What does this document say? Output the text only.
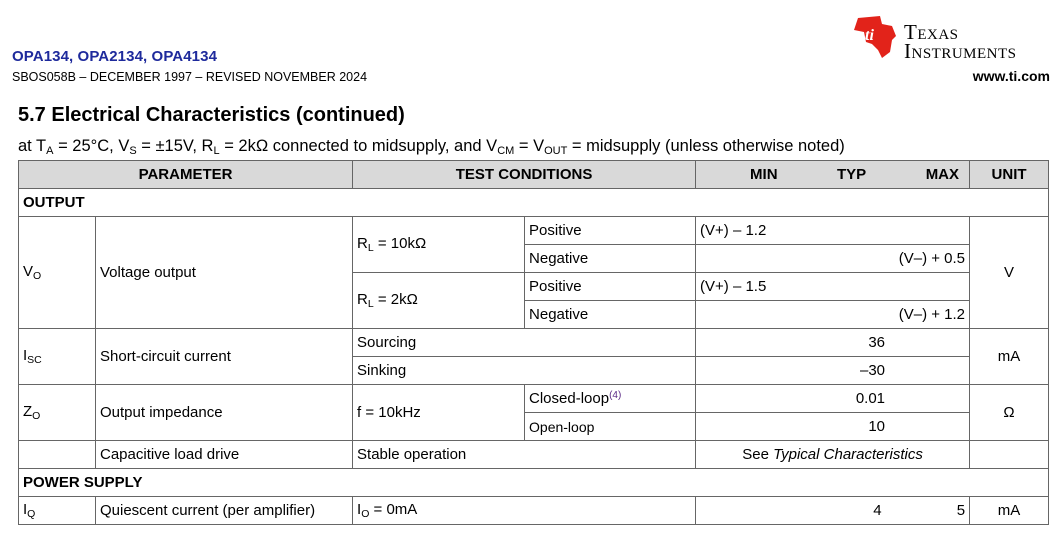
OPA134, OPA2134, OPA4134
SBOS058B – DECEMBER 1997 – REVISED NOVEMBER 2024
ti Texas
Instruments
www.ti.com
5.7 Electrical Characteristics (continued)
at $T_A = 25^\circ C$, $V_S = \pm 15V$, $R_L = 2k\Omega$ connected to midsupply, and $V_{CM} = V_{OUT}$ = midsupply (unless otherwise noted)
PARAMETER		TEST CONDITIONS		MIN TYP MAX	UNIT
OUTPUT					
$V_O$	Voltage output	$R_L = 10k\Omega$	Positive	(V+) – 1.2	V
			Negative	(V–) + 0.5	
		$R_L = 2k\Omega$	Positive	(V+) – 1.5	
			Negative	(V–) + 1.2	
$I_{SC}$	Short-circuit current	Sourcing		36	mA
		Sinking		–30	

$Z_O$	Output impedance	f = 10kHz	Closed-loop$^{(4)}$	0.01	Ω
			Open-loop	10	

	Capacitive load drive	Stable operation		See Typical Characteristics	
POWER SUPPLY					
$I_Q$	Quiescent current (per amplifier)	$I_O = 0mA$		4 5	mA
